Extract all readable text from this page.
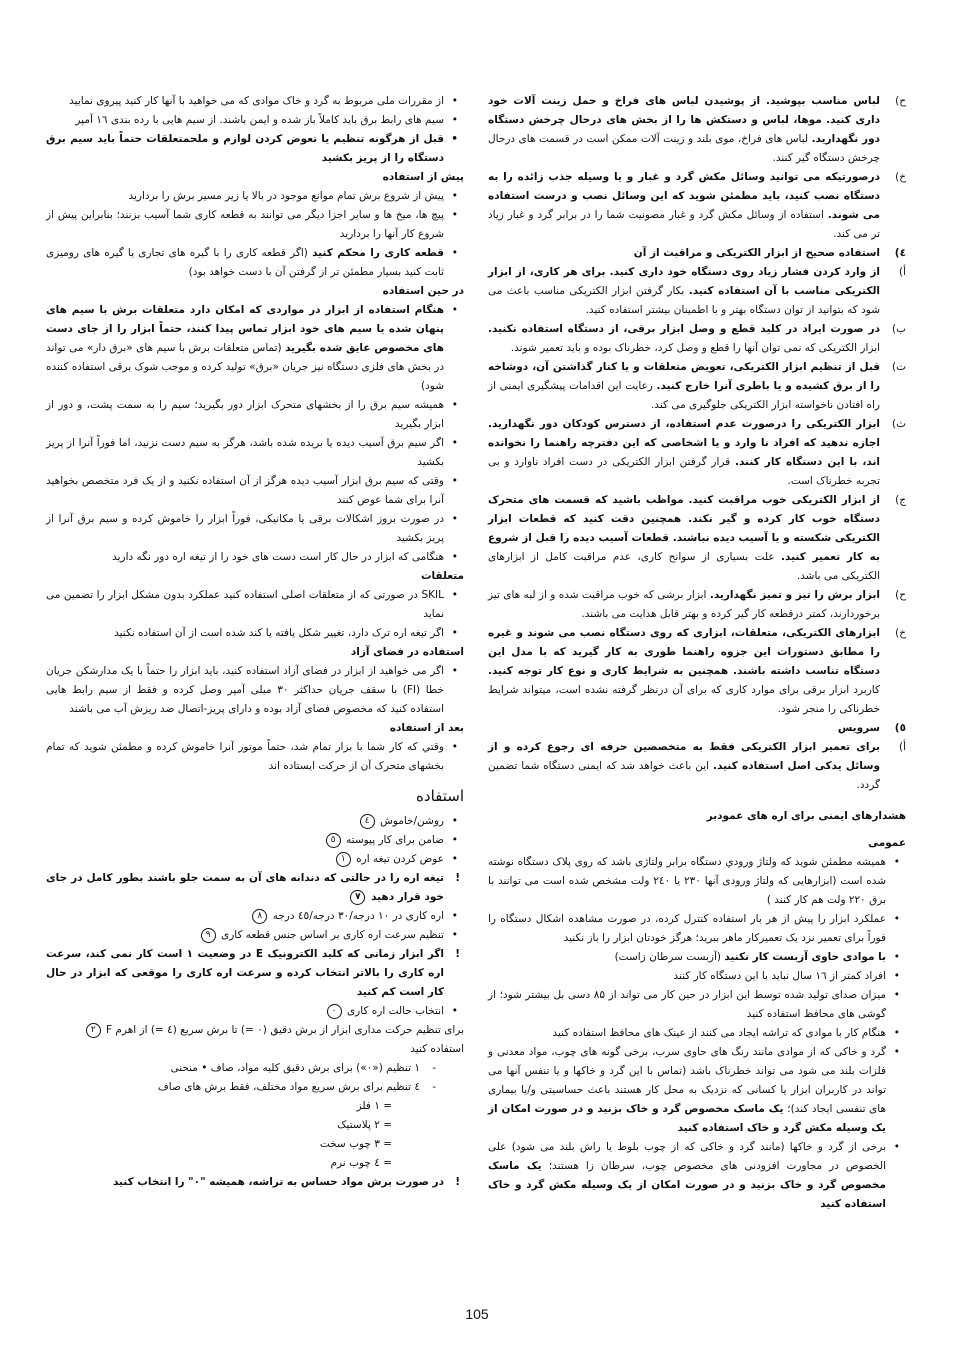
ح)
لباس مناسب بپوشيد. از پوشيدن لباس های فراخ و حمل زينت آلات خود داری کنيد. موها، لباس و دستکش ها را از بخش های درحال چرخش دستگاه دور نگهداريد. لباس های فراخ، موی بلند و زينت آلات ممکن است در قسمت های درحال چرخش دستگاه گير کنند.

خ)
درصورتيکه می توانيد وسائل مکش گرد و غبار و يا وسيله جذب زائده را به دستگاه نصب کنيد، بايد مطمئن شويد که اين وسائل نصب و درست استفاده می شوند. استفاده از وسائل مکش گرد و غبار مصونيت شما را در برابر گرد و غبار زياد تر می کند.

٤)
استفاده صحيح از ابزار الکتريکی و مراقبت از آن

أ)
از وارد کردن فشار زياد روی دستگاه خود داری کنيد. برای هر کاری، از ابزار الکتريکی مناسب با آن استفاده کنيد. بکار گرفتن ابزار الکتريکی مناسب باعث می شود که بتوانيد از توان دستگاه بهتر و با اطمينان بيشتر استفاده کنيد.

ب)
در صورت ايراد در کليد قطع و وصل ابزار برقی، از دستگاه استفاده نکنيد. ابزار الکتريکی که نمی توان آنها را قطع و وصل کرد، خطرناک بوده و بايد تعمير شوند.

ت)
قبل از تنظيم ابزار الکتريکی، تعويض متعلقات و يا کنار گذاشتن آن، دوشاخه را از برق کشيده و يا باطری آنرا خارج کنيد. رعايت اين اقدامات پيشگيری ايمنی از راه افتادن ناخواسته ابزار الکتريکی جلوگيری می کند.

ث)
ابزار الکتريکی را درصورت عدم استفاده، از دسترس کودکان دور نگهداريد. اجازه ندهيد که افراد نا وارد و يا اشخاصی که اين دفترچه راهنما را نخوانده اند، با اين دستگاه کار کنند. قرار گرفتن ابزار الکتريکی در دست افراد ناوارد و بی تجربه خطرناک است.

ج)
از ابزار الکتريکی خوب مراقبت کنيد. مواظب باشيد که قسمت های متحرک دستگاه خوب کار کرده و گير نکند. همچنين دقت کنيد که قطعات ابزار الکتريکی شکسته و يا آسيب ديده نباشند. قطعات آسيب ديده را قبل از شروع به کار تعمير کنيد. علت بسياری از سوانح کاری، عدم مراقبت کامل از ابزارهای الکتريکی می باشد.

ح)
ابزار برش را تيز و تميز نگهداريد. ابزار برشی که خوب مراقبت شده و از لبه های تيز برخوردارند، کمتر درقطعه کار گير کرده و بهتر قابل هدايت می باشند.

خ)
ابزارهای الکتريکی، متعلقات، ابزاری که روی دستگاه نصب می شوند و غيره را مطابق دستورات اين جزوه راهنما طوری به کار گيريد که با مدل اين دستگاه تناسب داشته باشند. همچنين به شرايط کاری و نوع کار توجه کنيد. کاربرد ابزار برقی برای موارد کاری که برای آن درنظر گرفته نشده است، ميتواند شرايط خطرناکی را منجر شود.

٥)
سرويس

أ)
برای تعمير ابزار الکتريکی فقط به متخصصين حرفه ای رجوع کرده و از وسائل يدکی اصل استفاده کنيد. اين باعث خواهد شد که ايمنی دستگاه شما تضمين گردد.

هشدارهای ايمنی برای اره های عمودبر

عمومی

• هميشه مطمئن شويد که ولتاژ ورودي دستگاه برابر ولتاژی باشد که روی پلاک دستگاه نوشته شده است (ابزارهايی که ولتاژ ورودی آنها ۲۳۰ يا ۲٤۰ ولت مشخص شده است می توانند با برق ۲۲۰ ولت هم کار کنند )

• عملکرد ابزار را پيش از هر بار استفاده کنترل کرده، در صورت مشاهده اشکال دستگاه را فوراً برای تعمير نزد يک تعميرکار ماهر ببريد؛ هرگز خودتان ابزار را باز نکنيد

• با موادی حاوی آزبست کار نکنيد (آزبست سرطان زاست)

• افراد کمتر از ١٦ سال نبايد با اين دستگاه کار کنند

• ميزان صدای توليد شده توسط اين ابزار در حين کار می تواند از ۸۵ دسی بل بيشتر شود؛ از گوشی های محافظ استفاده کنيد

• هنگام کار با موادی که تراشه ايجاد می کنند از عينک های محافظ استفاده کنيد

• گرد و خاکی که از موادی مانند رنگ های حاوی سرب، برخی گونه های چوب، مواد معدنی و فلزات بلند می شود می تواند خطرناک باشد (تماس با اين گرد و خاکها و يا تنفس آنها می تواند در کاربران ابزار يا کسانی که نزديک به محل کار هستند باعث حساسيتی و/يا بيماری های تنفسی ايجاد کند)؛ يک ماسک مخصوص گرد و خاک بزنيد و در صورت امکان از يک وسيله مکش گرد و خاک استفاده کنيد

• برخی از گرد و خاکها (مانند گرد و خاکی که از چوب بلوط يا راش بلند می شود) علی الخصوص در مجاورت افزودنی های مخصوص چوب، سرطان زا هستند؛ يک ماسک مخصوص گرد و خاک بزنيد و در صورت امکان از يک وسيله مکش گرد و خاک استفاده کنيد

• از مقررات ملی مربوط به گرد و خاک موادی که می خواهيد با آنها کار کنيد پيروی نماييد

• سيم های رابط برق بايد کاملاً باز شده و ايمن باشند. از سيم هايی با رده بندی ١٦ آمپر

• قبل از هرگونه تنظيم يا تعوض کردن لوازم و ملحمتعلقات حتماً بايد سيم برق دستگاه را از پريز بکشيد

پيش از استفاده

• پيش از شروع برش تمام موانع موجود در بالا يا زير مسير برش را برداريد

• پيچ ها، ميخ ها و ساير اجزا ديگر می توانند به قطعه کاری شما آسيب بزنند؛ بنابراين پيش از شروع کار آنها را برداريد

• قطعه کاری را محکم کنيد (اگر قطعه کاری را با گيره های تجاری يا گيره های روميزی ثابت کنيد بسيار مطمئن تر از گرفتن آن با دست خواهد بود)

در حين استفاده

• هنگام استفاده از ابزار در مواردی که امکان دارد متعلقات برش با سيم های پنهان شده يا سيم های خود ابزار تماس پيدا کنند، حتماً ابزار را از جای دست های مخصوص عايق شده بگيريد (تماس متعلقات برش با سيم های «برق دار» می تواند در بخش های فلزی دستگاه نيز جريان «برق» توليد کرده و موجب شوک برقی استفاده کننده شود)

• هميشه سيم برق را از بخشهای متحرک ابزار دور بگيريد؛ سيم را به سمت پشت، و دور از ابزار بگيريد

• اگر سيم برق آسيب ديده يا بريده شده باشد، هرگز به سيم دست نزنيد، اما فوراً آنرا از پريز بکشيد

• وقتی که سيم برق ابزار آسيب ديده هرگز از آن استفاده نکنيد و از يک فرد متخصص بخواهيد آنرا برای شما عوض کنند

• در صورت بروز اشکالات برقی يا مکانيکی، فوراً ابزار را خاموش کرده و سيم برق آنرا از پريز بکشيد

• هنگامی که ابزار در حال کار است دست های خود را از تيغه اره دور نگه داريد

متعلقات

• SKIL در صورتی که از متعلقات اصلی استفاده کنيد عملکرد بدون مشکل ابزار را تضمين می نمايد

• اگر تيغه اره ترک دارد، تغيير شکل يافته يا کند شده است از آن استفاده نکنيد

استفاده در فضای آزاد

• اگر می خواهيد از ابزار در فضای آزاد استفاده کنيد، بايد ابزار را حتماً با يک مدارشکن جريان خطا (FI) با سقف جريان حداکثر ۳۰ ميلی آمپر وصل کرده و فقط از سيم رابط هايی استفاده کنيد که مخصوص فضای آزاد بوده و دارای پريز-اتصال ضد ريزش آب می باشند

بعد از استفاده

• وقتي که کار شما با بزار تمام شد، حتماً موتور آنرا خاموش کرده و مطمئن شويد که تمام بخشهای متحرک آن از حرکت ايستاده اند

استفاده

• روشن/خاموش ٤

• ضامن برای کار پيوسته ٥

• عوض کردن تيغه اره ١

!
تيغه اره را در حالتی که دندانه های آن به سمت جلو باشند بطور کامل در جای خود قرار دهيد ٧

• اره کاری در ١٠ درجه/۳۰ درجه/٤٥ درجه ٨

• تنظيم سرعت اره کاری بر اساس جنس قطعه کاری ٩

!
اگر ابزار زمانی که کليد الکترونيک E در وضعيت ١ است کار نمی کند، سرعت اره کاری را بالاتر انتخاب کرده و سرعت اره کاری را موقعی که ابزار در حال کار است کم کنيد

• انتخاب حالت اره کاری ٠

برای تنظيم حرکت مداری ابزار از برش دقيق (٠ =) تا برش سريع (٤ =) از اهرم F ٢
استفاده کنيد

-
١ تنظيم («٠») برای برش دقيق کليه مواد، صاف • منحنی

-
٤ تنظيم برای برش سريع مواد مختلف، فقط برش های صاف

= ١ فلز

= ٢ پلاستيک

= ۳ چوب سخت

= ٤ چوب نرم

!
در صورت برش مواد حساس به تراشه، هميشه "٠" را انتخاب کنيد

105
